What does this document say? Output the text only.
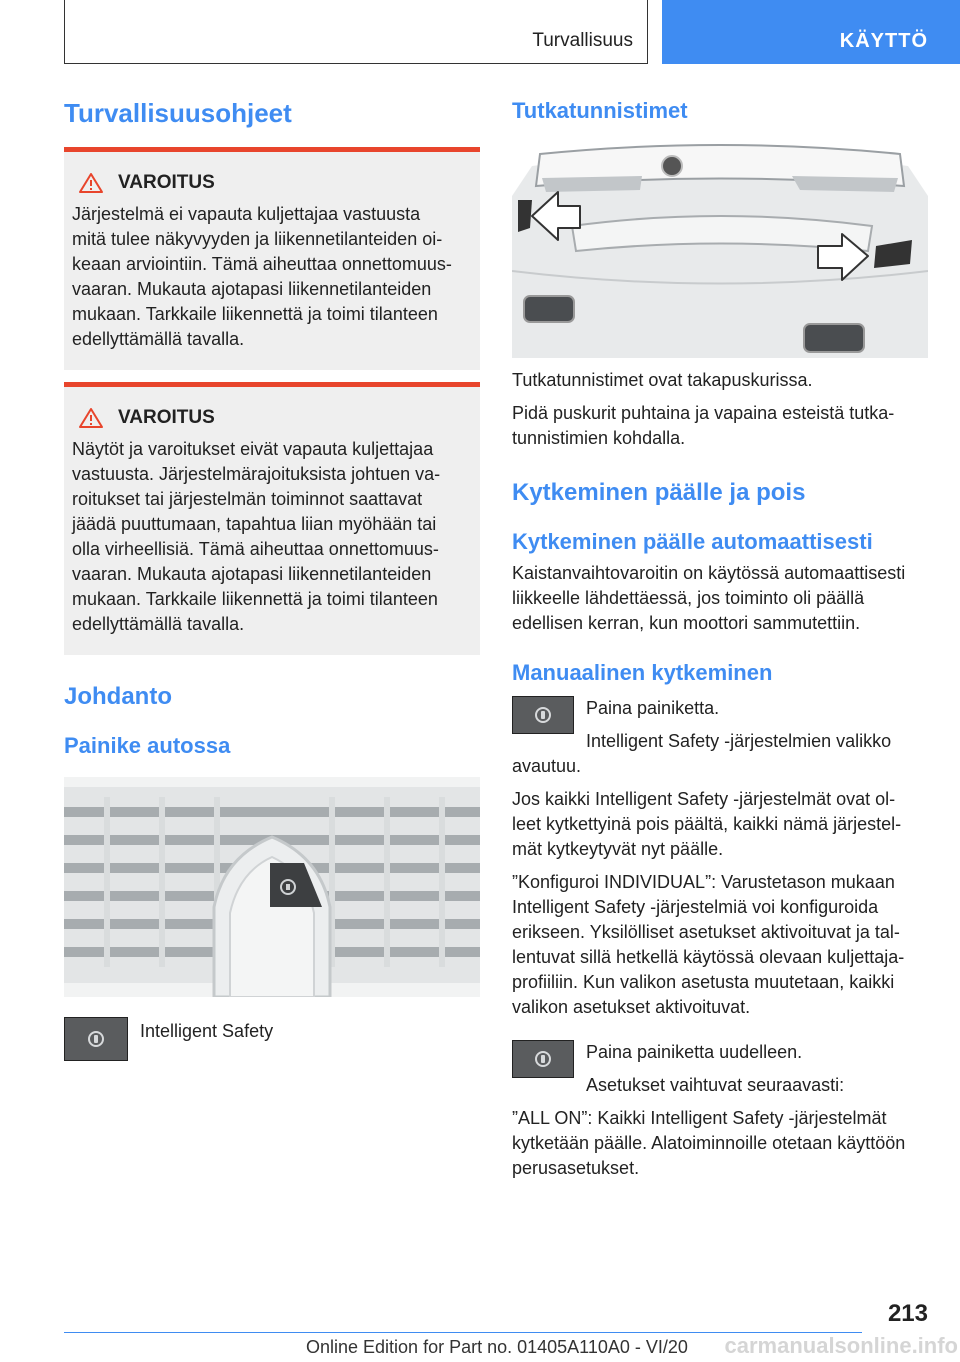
Turvallisuus	KÄYTTÖ
Turvallisuusohjeet
VAROITUS

Järjestelmä ei vapauta kuljettajaa vastuusta

mitä tulee näkyvyyden ja liikennetilanteiden oi-

keaan arviointiin. Tämä aiheuttaa onnettomuus-

vaaran. Mukauta ajotapasi liikennetilanteiden

mukaan. Tarkkaile liikennettä ja toimi tilanteen

edellyttämällä tavalla.

VAROITUS

Näytöt ja varoitukset eivät vapauta kuljettajaa

vastuusta. Järjestelmärajoituksista johtuen va-

roitukset tai järjestelmän toiminnot saattavat

jäädä puuttumaan, tapahtua liian myöhään tai

olla virheellisiä. Tämä aiheuttaa onnettomuus-

vaaran. Mukauta ajotapasi liikennetilanteiden

mukaan. Tarkkaile liikennettä ja toimi tilanteen

edellyttämällä tavalla.

Johdanto
Painike autossa

Intelligent Safety

Tutkatunnistimet

Tutkatunnistimet ovat takapuskurissa.

Pidä puskurit puhtaina ja vapaina esteistä tutka-

tunnistimien kohdalla.

Kytkeminen päälle ja pois
Kytkeminen päälle automaattisesti

Kaistanvaihtovaroitin on käytössä automaattisesti

liikkeelle lähdettäessä, jos toiminto oli päällä

edellisen kerran, kun moottori sammutettiin.

Manuaalinen kytkeminen

Paina painiketta.

Intelligent Safety -järjestelmien valikko

avautuu.

Jos kaikki Intelligent Safety -järjestelmät ovat ol-

leet kytkettyinä pois päältä, kaikki nämä järjestel-

mät kytkeytyvät nyt päälle.

”Konfiguroi INDIVIDUAL”: Varustetason mukaan

Intelligent Safety -järjestelmiä voi konfiguroida

erikseen. Yksilölliset asetukset aktivoituvat ja tal-

lentuvat sillä hetkellä käytössä olevaan kuljettaja-

profiiliin. Kun valikon asetusta muutetaan, kaikki

valikon asetukset aktivoituvat.

Paina painiketta uudelleen.

Asetukset vaihtuvat seuraavasti:

”ALL ON”: Kaikki Intelligent Safety -järjestelmät

kytketään päälle. Alatoiminnoille otetaan käyttöön

perusasetukset.

213
Online Edition for Part no. 01405A110A0 - VI/20 carmanualsonline.info
